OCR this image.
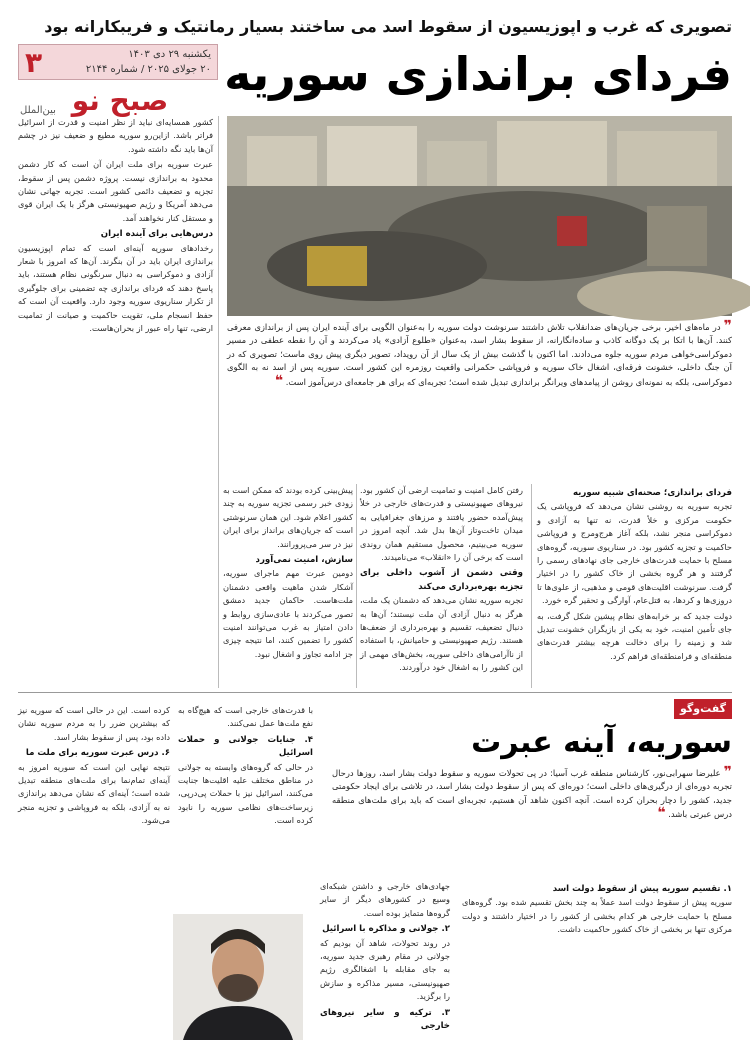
تصویری که غرب و اپوزیسیون از سقوط اسد می ساختند بسیار رمانتیک و فریبکارانه بود
فردای براندازی سوریه
۳	یکشنبه ۲۹ دی ۱۴۰۳
۲۰ جولای ۲۰۲۵ / شماره ۲۱۴۴
صبح نو
بین‌الملل
❞ در ماه‌های اخیر، برخی جریان‌های ضدانقلاب تلاش داشتند سرنوشت دولت سوریه را به‌عنوان الگویی برای آینده ایران پس از براندازی معرفی کنند. آن‌ها با اتکا بر یک دوگانه کاذب و ساده‌انگارانه، از سقوط بشار اسد، به‌عنوان «طلوع آزادی» یاد می‌کردند و آن را نقطه عطفی در مسیر دموکراسی‌خواهی مردم سوریه جلوه می‌دادند. اما اکنون با گذشت بیش از یک سال از آن رویداد، تصویر دیگری پیش روی ماست؛ تصویری که در آن جنگ داخلی، خشونت فرقه‌ای، اشغال خاک سوریه و فروپاشی حکمرانی واقعیت روزمره این کشور است. سوریه پس از اسد نه به الگوی دموکراسی، بلکه به نمونه‌ای روشن از پیامدهای ویرانگر براندازی تبدیل شده است؛ تجربه‌ای که برای هر جامعه‌ای درس‌آموز است. ❝

کشور همسایه‌ای نباید از نظر امنیت و قدرت از اسرائیل فراتر باشد. ازاین‌رو سوریه مطیع و ضعیف نیز در چشم آن‌ها باید نگه داشته شود.

عبرت سوریه برای ملت ایران آن است که کار دشمن محدود به براندازی نیست. پروژه دشمن پس از سقوط، تجزیه و تضعیف دائمی کشور است. تجربه جهانی نشان می‌دهد آمریکا و رژیم صهیونیستی هرگز با یک ایران قوی و مستقل کنار نخواهند آمد.

درس‌هایی برای آینده ایران

رخدادهای سوریه آینه‌ای است که تمام اپوزیسیون براندازی ایران باید در آن بنگرند. آن‌ها که امروز با شعار آزادی و دموکراسی به دنبال سرنگونی نظام هستند، باید پاسخ دهند که فردای براندازی چه تضمینی برای جلوگیری از تکرار سناریوی سوریه وجود دارد. واقعیت آن است که حفظ انسجام ملی، تقویت حاکمیت و صیانت از تمامیت ارضی، تنها راه عبور از بحران‌هاست.

رفتن کامل امنیت و تمامیت ارضی آن کشور بود. نیروهای صهیونیستی و قدرت‌های خارجی در خلأ پیش‌آمده حضور یافتند و مرزهای جغرافیایی به میدان تاخت‌وتاز آن‌ها بدل شد. آنچه امروز در سوریه می‌بینیم، محصول مستقیم همان روندی است که برخی آن را «انقلاب» می‌نامیدند.

وقتی دشمن از آشوب داخلی برای تجزیه بهره‌برداری می‌کند

تجربه سوریه نشان می‌دهد که دشمنان یک ملت، هرگز به دنبال آزادی آن ملت نیستند؛ آن‌ها به دنبال تضعیف، تقسیم و بهره‌برداری از ضعف‌ها هستند. رژیم صهیونیستی و حامیانش، با استفاده از ناآرامی‌های داخلی سوریه، بخش‌های مهمی از این کشور را به اشغال خود درآوردند.

فردای براندازی؛ صحنه‌ای شبیه سوریه

تجربه سوریه به روشنی نشان می‌دهد که فروپاشی یک حکومت مرکزی و خلأ قدرت، نه تنها به آزادی و دموکراسی منجر نشد، بلکه آغاز هرج‌ومرج و فروپاشی حاکمیت و تجزیه کشور بود. در سناریوی سوریه، گروه‌های مسلح با حمایت قدرت‌های خارجی جای نهادهای رسمی را گرفتند و هر گروه بخشی از خاک کشور را در اختیار گرفت. سرنوشت اقلیت‌های قومی و مذهبی، از علوی‌ها تا دروزی‌ها و کردها، به قتل‌عام، آوارگی و تحقیر گره خورد.

دولت جدید که بر خرابه‌های نظام پیشین شکل گرفت، به جای تأمین امنیت، خود به یکی از بازیگران خشونت تبدیل شد و زمینه را برای دخالت هرچه بیشتر قدرت‌های منطقه‌ای و فرامنطقه‌ای فراهم کرد.

پیش‌بینی کرده بودند که ممکن است به زودی خبر رسمی تجزیه سوریه به چند کشور اعلام شود. این همان سرنوشتی است که جریان‌های برانداز برای ایران نیز در سر می‌پرورانند.

سازش، امنیت نمی‌آورد

دومین عبرت مهم ماجرای سوریه، آشکار شدن ماهیت واقعی دشمنان ملت‌هاست. حاکمان جدید دمشق تصور می‌کردند با عادی‌سازی روابط و دادن امتیاز به غرب می‌توانند امنیت کشور را تضمین کنند، اما نتیجه چیزی جز ادامه تجاوز و اشغال نبود.

گفت‌وگو
سوریه، آینه عبرت
❞ علیرضا سهرابی‌نور، کارشناس منطقه غرب آسیا: در پی تحولات سوریه و سقوط دولت بشار اسد، روزها درحال تجربه دوره‌ای از درگیری‌های داخلی است؛ دوره‌ای که پس از سقوط دولت بشار اسد، در تلاشی برای ایجاد حکومتی جدید، کشور را دچار بحران کرده است. آنچه اکنون شاهد آن هستیم، تجربه‌ای است که باید برای ملت‌های منطقه درس عبرتی باشد. ❝

کرده است. این در حالی است که سوریه نیز که بیشترین ضرر را به مردم سوریه نشان داده بود، پس از سقوط بشار اسد.

۶. درس عبرت سوریه برای ملت ما

نتیجه نهایی این است که سوریه امروز به آینه‌ای تمام‌نما برای ملت‌های منطقه تبدیل شده است؛ آینه‌ای که نشان می‌دهد براندازی نه به آزادی، بلکه به فروپاشی و تجزیه منجر می‌شود.

با قدرت‌های خارجی است که هیچ‌گاه به نفع ملت‌ها عمل نمی‌کنند.

۴. جنایات جولانی و حملات اسرائیل

در حالی که گروه‌های وابسته به جولانی در مناطق مختلف علیه اقلیت‌ها جنایت می‌کنند، اسرائیل نیز با حملات پی‌درپی، زیرساخت‌های نظامی سوریه را نابود کرده است.

جهادی‌های خارجی و داشتن شبکه‌ای وسیع در کشورهای دیگر از سایر گروه‌ها متمایز بوده است.

۲. جولانی و مذاکره با اسرائیل

در روند تحولات، شاهد آن بودیم که جولانی در مقام رهبری جدید سوریه، به جای مقابله با اشغالگری رژیم صهیونیستی، مسیر مذاکره و سازش را برگزید.

۳. ترکیه و سایر نیروهای خارجی
۱. تقسیم سوریه پیش از سقوط دولت اسد

سوریه پیش از سقوط دولت اسد عملاً به چند بخش تقسیم شده بود. گروه‌های مسلح با حمایت خارجی هر کدام بخشی از کشور را در اختیار داشتند و دولت مرکزی تنها بر بخشی از خاک کشور حاکمیت داشت.
